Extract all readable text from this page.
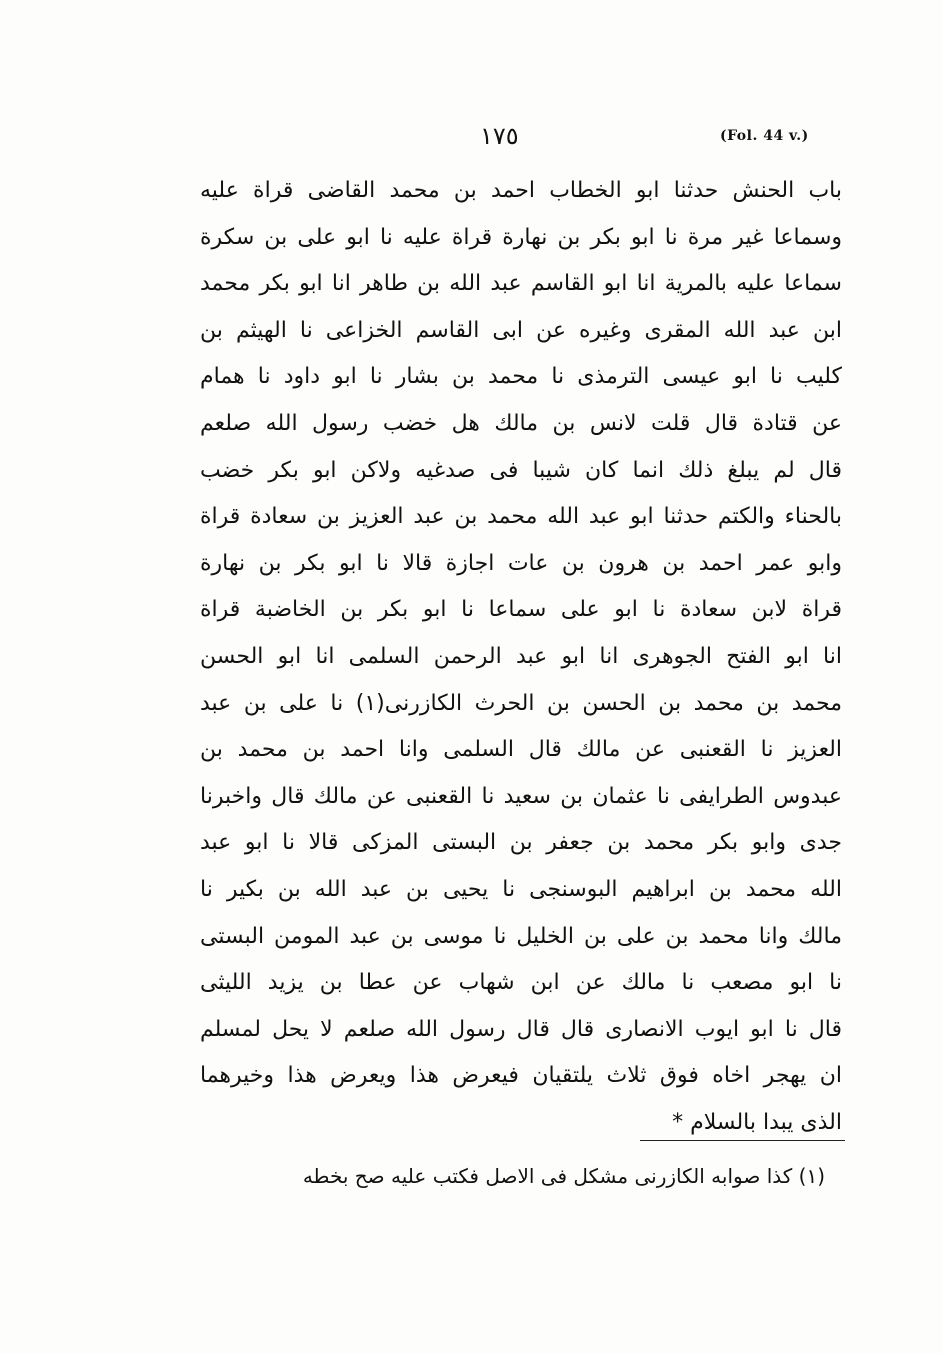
١٧٥	(Fol. 44 v.)
باب الحنش حدثنا ابو الخطاب احمد بن محمد القاضى قراة عليه
وسماعا غير مرة نا ابو بكر بن نهارة قراة عليه نا ابو على بن سكرة
سماعا عليه بالمرية انا ابو القاسم عبد الله بن طاهر انا ابو بكر محمد
ابن عبد الله المقرى وغيره عن ابى القاسم الخزاعى نا الهيثم بن
كليب نا ابو عيسى الترمذى نا محمد بن بشار نا ابو داود نا همام
عن قتادة قال قلت لانس بن مالك هل خضب رسول الله صلعم
قال لم يبلغ ذلك انما كان شيبا فى صدغيه ولاكن ابو بكر خضب
بالحناء والكتم حدثنا ابو عبد الله محمد بن عبد العزيز بن سعادة قراة
وابو عمر احمد بن هرون بن عات اجازة قالا نا ابو بكر بن نهارة
قراة لابن سعادة نا ابو على سماعا نا ابو بكر بن الخاضبة قراة
انا ابو الفتح الجوهرى انا ابو عبد الرحمن السلمى انا ابو الحسن
محمد بن محمد بن الحسن بن الحرث الكازرنى(١) نا على بن عبد
العزيز نا القعنبى عن مالك قال السلمى وانا احمد بن محمد بن
عبدوس الطرايفى نا عثمان بن سعيد نا القعنبى عن مالك قال واخبرنا
جدى وابو بكر محمد بن جعفر بن البستى المزكى قالا نا ابو عبد
الله محمد بن ابراهيم البوسنجى نا يحيى بن عبد الله بن بكير نا
مالك وانا محمد بن على بن الخليل نا موسى بن عبد المومن البستى
نا ابو مصعب نا مالك عن ابن شهاب عن عطا بن يزيد الليثى
قال نا ابو ايوب الانصارى قال قال رسول الله صلعم لا يحل لمسلم
ان يهجر اخاه فوق ثلاث يلتقيان فيعرض هذا ويعرض هذا وخيرهما
الذى يبدا بالسلام *
(١) كذا صوابه الكازرنى مشكل فى الاصل فكتب عليه صح بخطه
